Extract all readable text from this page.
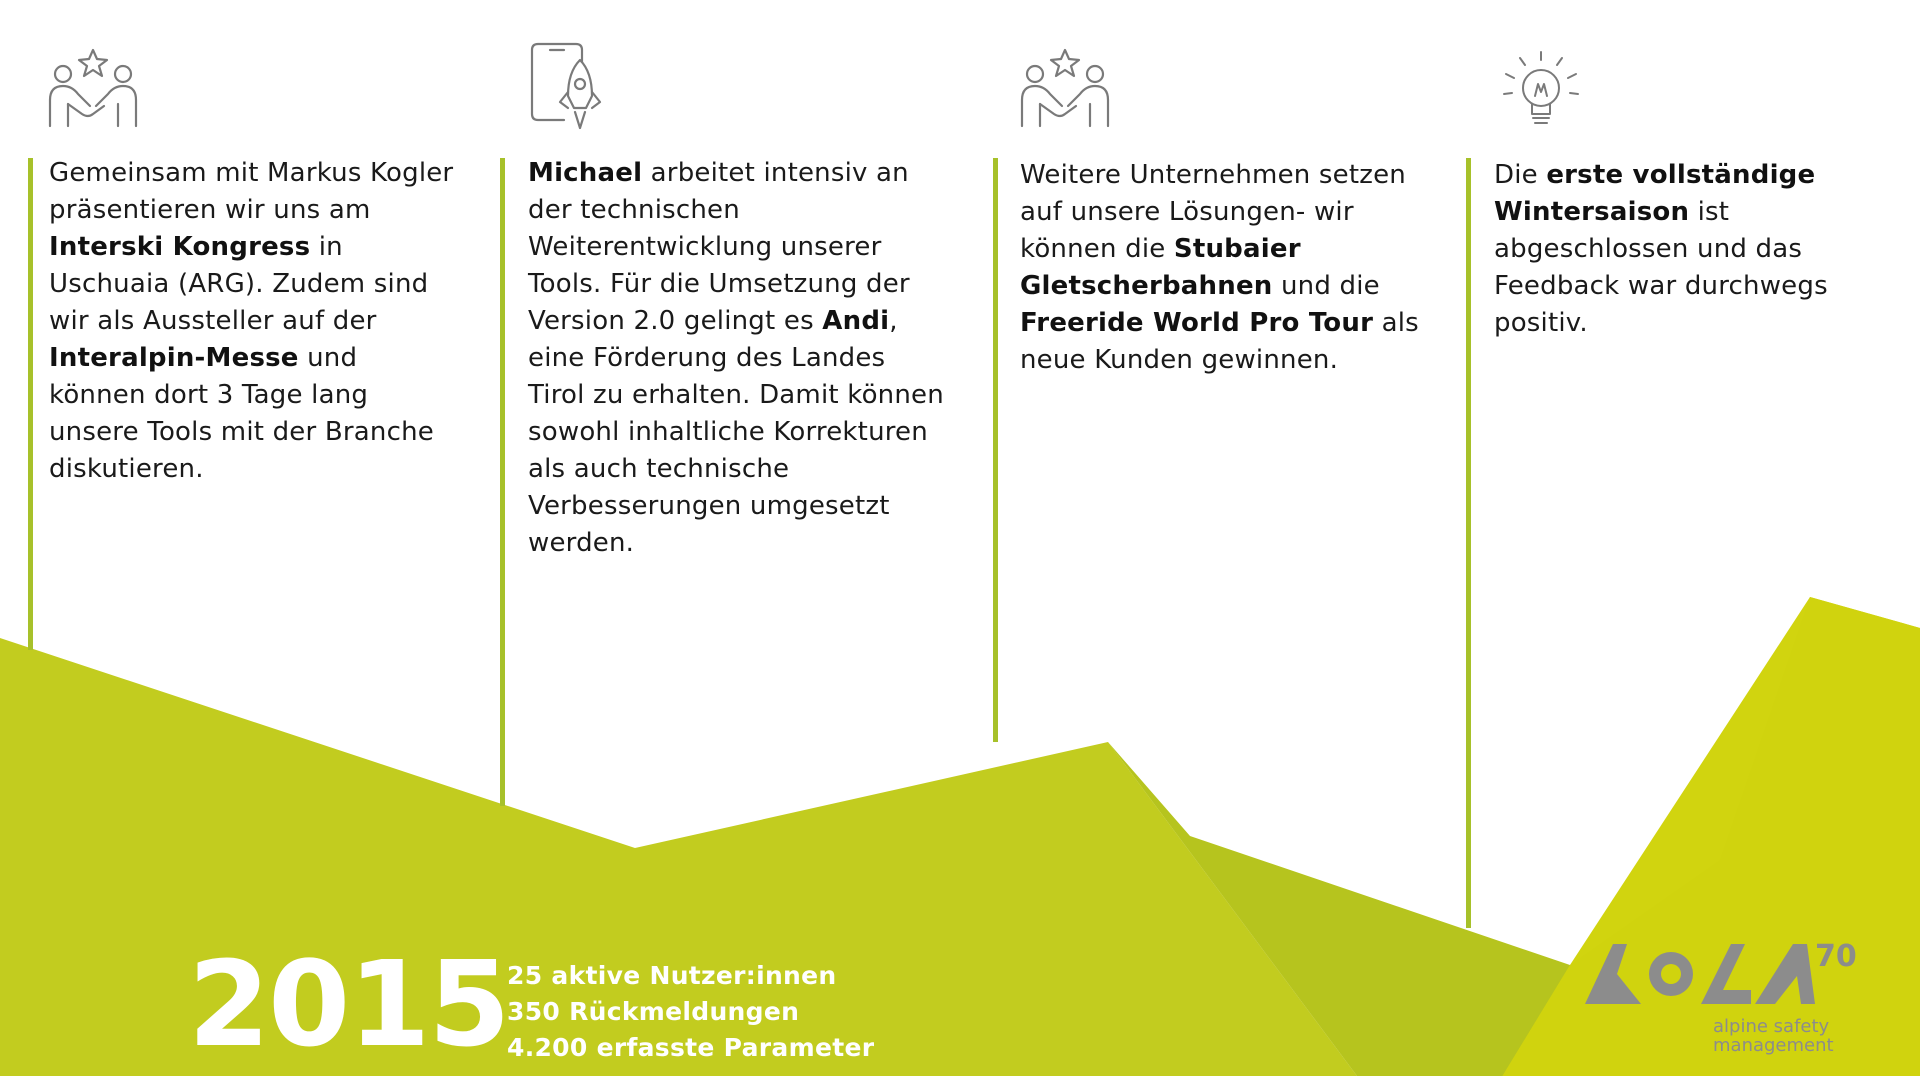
Gemeinsam mit Markus Kogler präsentieren wir uns am Interski Kongress in Uschuaia (ARG). Zudem sind wir als Aussteller auf der Interalpin-Messe und können dort 3 Tage lang unsere Tools mit der Branche diskutieren.
Michael arbeitet intensiv an der technischen Weiterentwicklung unserer Tools. Für die Umsetzung der Version 2.0 gelingt es Andi, eine Förderung des Landes Tirol zu erhalten. Damit können sowohl inhaltliche Korrekturen als auch technische Verbesserungen umgesetzt werden.
Weitere Unternehmen setzen auf unsere Lösungen- wir können die Stubaier Gletscherbahnen und die Freeride World Pro Tour als neue Kunden gewinnen.
Die erste vollständige Wintersaison ist abgeschlossen und das Feedback war durchwegs positiv.
2015
25 aktive Nutzer:innen
350 Rückmeldungen
4.200 erfasste Parameter
70
alpine safety
management
